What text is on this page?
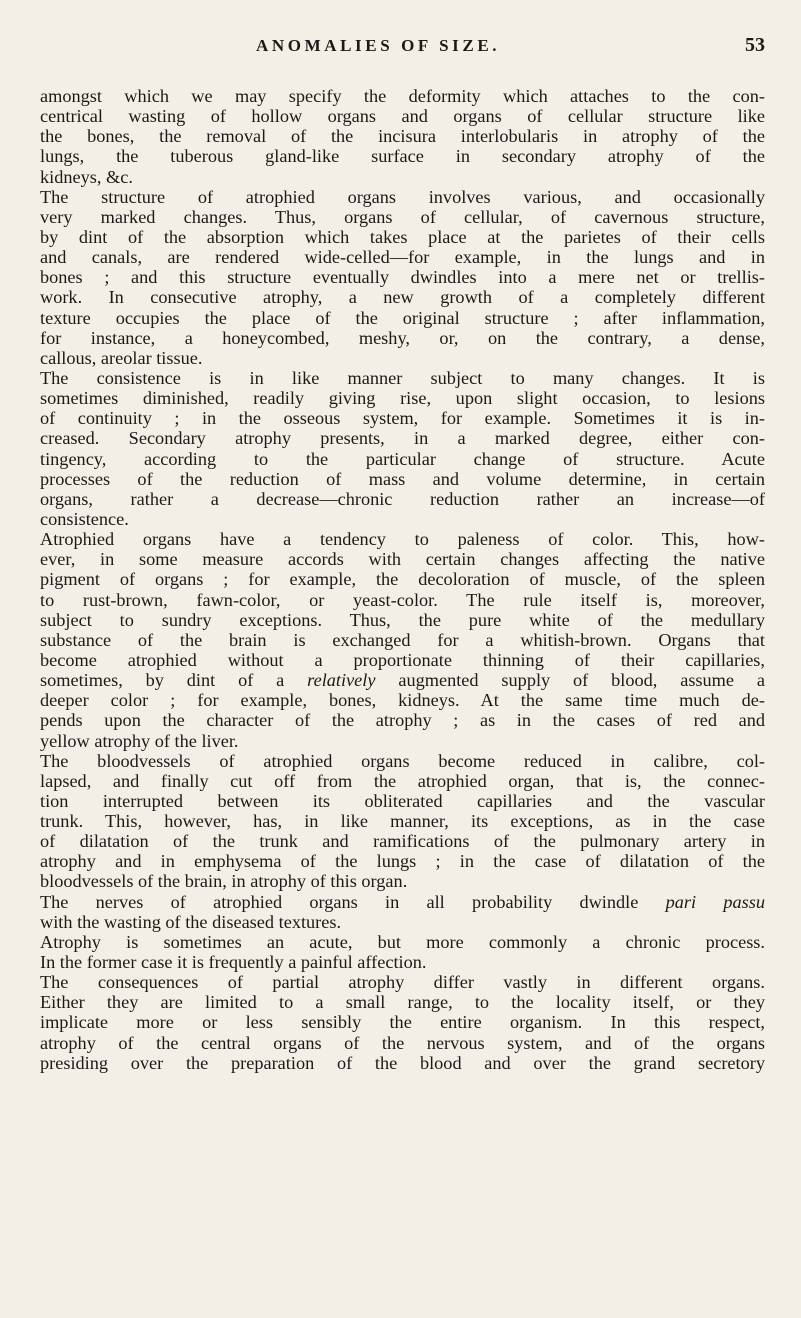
ANOMALIES OF SIZE.	53
amongst which we may specify the deformity which attaches to the con-
centrical wasting of hollow organs and organs of cellular structure like
the bones, the removal of the incisura interlobularis in atrophy of the
lungs, the tuberous gland-like surface in secondary atrophy of the
kidneys, &c.
The structure of atrophied organs involves various, and occasionally
very marked changes. Thus, organs of cellular, of cavernous structure,
by dint of the absorption which takes place at the parietes of their cells
and canals, are rendered wide-celled—for example, in the lungs and in
bones ; and this structure eventually dwindles into a mere net or trellis-
work. In consecutive atrophy, a new growth of a completely different
texture occupies the place of the original structure ; after inflammation,
for instance, a honeycombed, meshy, or, on the contrary, a dense,
callous, areolar tissue.
The consistence is in like manner subject to many changes. It is
sometimes diminished, readily giving rise, upon slight occasion, to lesions
of continuity ; in the osseous system, for example. Sometimes it is in-
creased. Secondary atrophy presents, in a marked degree, either con-
tingency, according to the particular change of structure. Acute
processes of the reduction of mass and volume determine, in certain
organs, rather a decrease—chronic reduction rather an increase—of
consistence.
Atrophied organs have a tendency to paleness of color. This, how-
ever, in some measure accords with certain changes affecting the native
pigment of organs ; for example, the decoloration of muscle, of the spleen
to rust-brown, fawn-color, or yeast-color. The rule itself is, moreover,
subject to sundry exceptions. Thus, the pure white of the medullary
substance of the brain is exchanged for a whitish-brown. Organs that
become atrophied without a proportionate thinning of their capillaries,
sometimes, by dint of a relatively augmented supply of blood, assume a
deeper color ; for example, bones, kidneys. At the same time much de-
pends upon the character of the atrophy ; as in the cases of red and
yellow atrophy of the liver.
The bloodvessels of atrophied organs become reduced in calibre, col-
lapsed, and finally cut off from the atrophied organ, that is, the connec-
tion interrupted between its obliterated capillaries and the vascular
trunk. This, however, has, in like manner, its exceptions, as in the case
of dilatation of the trunk and ramifications of the pulmonary artery in
atrophy and in emphysema of the lungs ; in the case of dilatation of the
bloodvessels of the brain, in atrophy of this organ.
The nerves of atrophied organs in all probability dwindle pari passu
with the wasting of the diseased textures.
Atrophy is sometimes an acute, but more commonly a chronic process.
In the former case it is frequently a painful affection.
The consequences of partial atrophy differ vastly in different organs.
Either they are limited to a small range, to the locality itself, or they
implicate more or less sensibly the entire organism. In this respect,
atrophy of the central organs of the nervous system, and of the organs
presiding over the preparation of the blood and over the grand secretory
